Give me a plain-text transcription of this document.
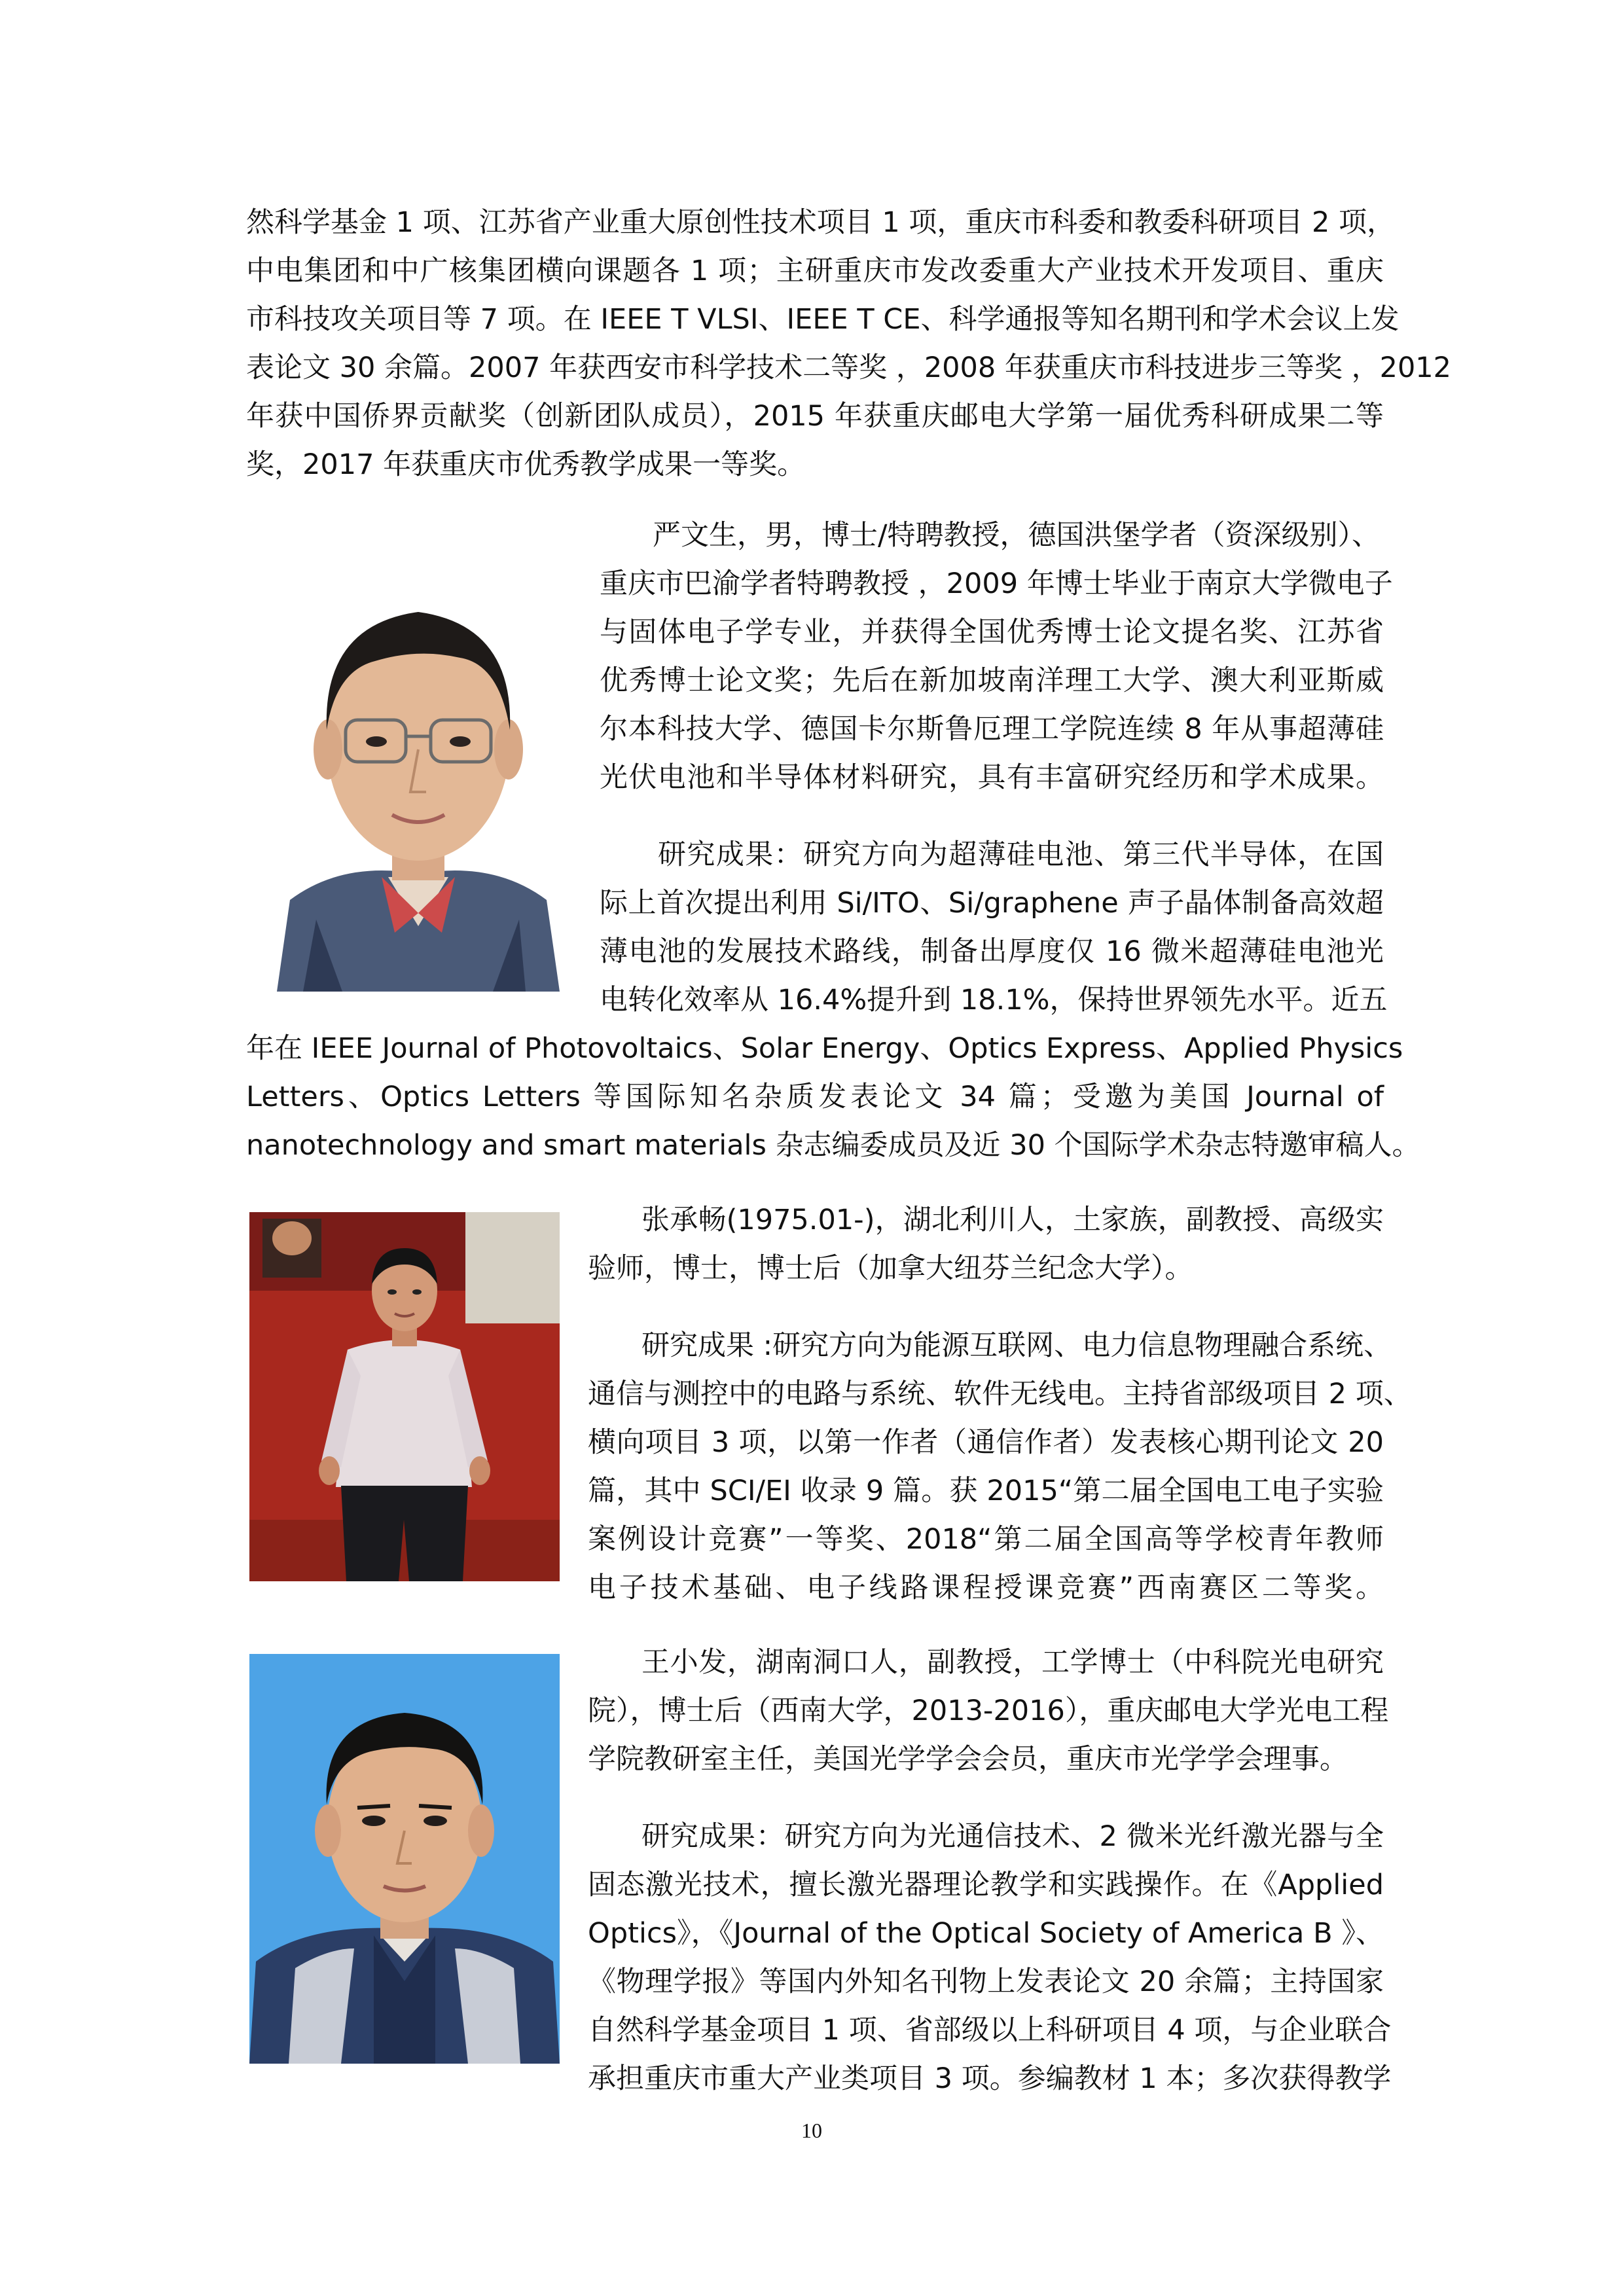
然科学基金 1 项、江苏省产业重大原创性技术项目 1 项，重庆市科委和教委科研项目 2 项，
中电集团和中广核集团横向课题各 1 项；主研重庆市发改委重大产业技术开发项目、重庆
市科技攻关项目等 7 项。在 IEEE T VLSI、IEEE T CE、科学通报等知名期刊和学术会议上发
表论文 30 余篇。2007 年获西安市科学技术二等奖 ，2008 年获重庆市科技进步三等奖 ，2012
年获中国侨界贡献奖（创新团队成员），2015 年获重庆邮电大学第一届优秀科研成果二等
奖，2017 年获重庆市优秀教学成果一等奖。
严文生，男，博士/特聘教授，德国洪堡学者（资深级别）、
重庆市巴渝学者特聘教授 ，2009 年博士毕业于南京大学微电子
与固体电子学专业，并获得全国优秀博士论文提名奖、江苏省
优秀博士论文奖；先后在新加坡南洋理工大学、澳大利亚斯威
尔本科技大学、德国卡尔斯鲁厄理工学院连续 8 年从事超薄硅
光伏电池和半导体材料研究，具有丰富研究经历和学术成果。
研究成果：研究方向为超薄硅电池、第三代半导体，在国
际上首次提出利用 Si/ITO、Si/graphene 声子晶体制备高效超
薄电池的发展技术路线，制备出厚度仅 16 微米超薄硅电池光
电转化效率从 16.4%提升到 18.1%，保持世界领先水平。近五
年在 IEEE Journal of Photovoltaics、Solar Energy、Optics Express、Applied Physics
Letters、Optics Letters 等国际知名杂质发表论文 34 篇；受邀为美国 Journal of
nanotechnology and smart materials 杂志编委成员及近 30 个国际学术杂志特邀审稿人。
张承畅(1975.01-)，湖北利川人，土家族，副教授、高级实
验师，博士，博士后（加拿大纽芬兰纪念大学）。
研究成果 :研究方向为能源互联网、电力信息物理融合系统、
通信与测控中的电路与系统、软件无线电。主持省部级项目 2 项、
横向项目 3 项，以第一作者（通信作者）发表核心期刊论文 20
篇，其中 SCI/EI 收录 9 篇。获 2015“第二届全国电工电子实验
案例设计竞赛”一等奖、2018“第二届全国高等学校青年教师
电子技术基础、电子线路课程授课竞赛”西南赛区二等奖。
王小发，湖南洞口人，副教授，工学博士（中科院光电研究
院），博士后（西南大学，2013-2016），重庆邮电大学光电工程
学院教研室主任，美国光学学会会员，重庆市光学学会理事。
研究成果：研究方向为光通信技术、2 微米光纤激光器与全
固态激光技术，擅长激光器理论教学和实践操作。在《Applied
Optics》，《Journal of the Optical Society of America B 》、
《物理学报》等国内外知名刊物上发表论文 20 余篇；主持国家
自然科学基金项目 1 项、省部级以上科研项目 4 项，与企业联合
承担重庆市重大产业类项目 3 项。参编教材 1 本；多次获得教学
10
